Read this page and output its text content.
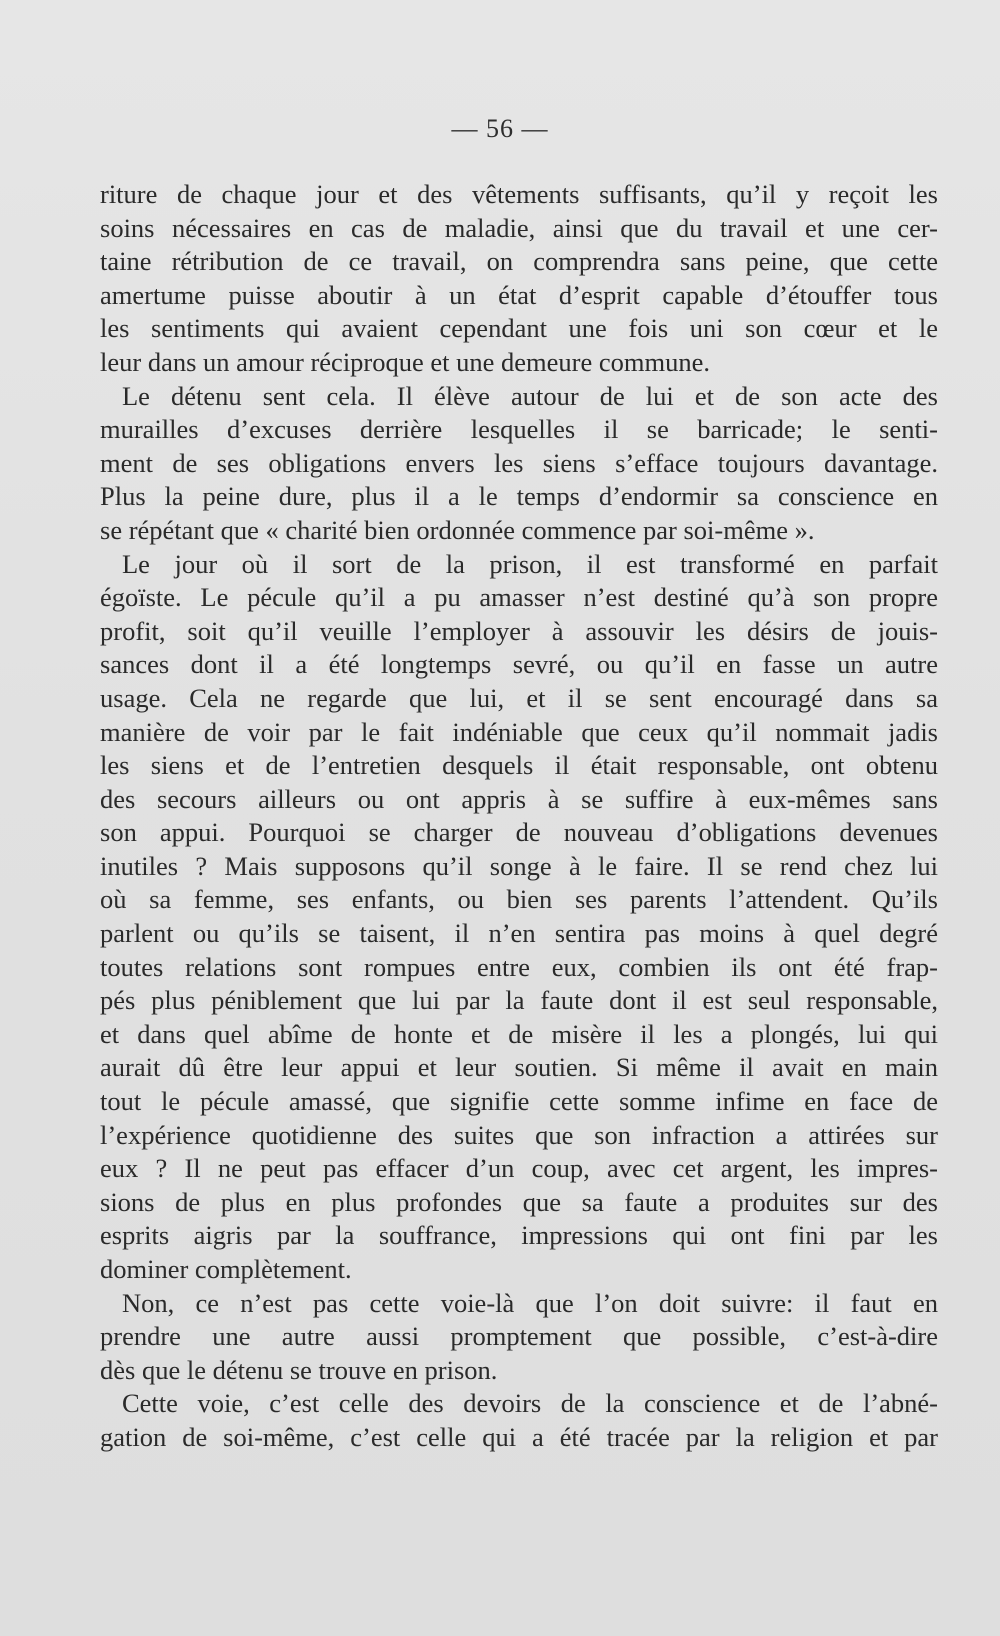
— 56 —
riture de chaque jour et des vêtements suffisants, qu’il y reçoit les
soins nécessaires en cas de maladie, ainsi que du travail et une cer-
taine rétribution de ce travail, on comprendra sans peine, que cette
amertume puisse aboutir à un état d’esprit capable d’étouffer tous
les sentiments qui avaient cependant une fois uni son cœur et le
leur dans un amour réciproque et une demeure commune.
Le détenu sent cela. Il élève autour de lui et de son acte des
murailles d’excuses derrière lesquelles il se barricade; le senti-
ment de ses obligations envers les siens s’efface toujours davantage.
Plus la peine dure, plus il a le temps d’endormir sa conscience en
se répétant que « charité bien ordonnée commence par soi-même ».
Le jour où il sort de la prison, il est transformé en parfait
égoïste. Le pécule qu’il a pu amasser n’est destiné qu’à son propre
profit, soit qu’il veuille l’employer à assouvir les désirs de jouis-
sances dont il a été longtemps sevré, ou qu’il en fasse un autre
usage. Cela ne regarde que lui, et il se sent encouragé dans sa
manière de voir par le fait indéniable que ceux qu’il nommait jadis
les siens et de l’entretien desquels il était responsable, ont obtenu
des secours ailleurs ou ont appris à se suffire à eux-mêmes sans
son appui. Pourquoi se charger de nouveau d’obligations devenues
inutiles ? Mais supposons qu’il songe à le faire. Il se rend chez lui
où sa femme, ses enfants, ou bien ses parents l’attendent. Qu’ils
parlent ou qu’ils se taisent, il n’en sentira pas moins à quel degré
toutes relations sont rompues entre eux, combien ils ont été frap-
pés plus péniblement que lui par la faute dont il est seul responsable,
et dans quel abîme de honte et de misère il les a plongés, lui qui
aurait dû être leur appui et leur soutien. Si même il avait en main
tout le pécule amassé, que signifie cette somme infime en face de
l’expérience quotidienne des suites que son infraction a attirées sur
eux ? Il ne peut pas effacer d’un coup, avec cet argent, les impres-
sions de plus en plus profondes que sa faute a produites sur des
esprits aigris par la souffrance, impressions qui ont fini par les
dominer complètement.
Non, ce n’est pas cette voie-là que l’on doit suivre: il faut en
prendre une autre aussi promptement que possible, c’est-à-dire
dès que le détenu se trouve en prison.
Cette voie, c’est celle des devoirs de la conscience et de l’abné-
gation de soi-même, c’est celle qui a été tracée par la religion et par
